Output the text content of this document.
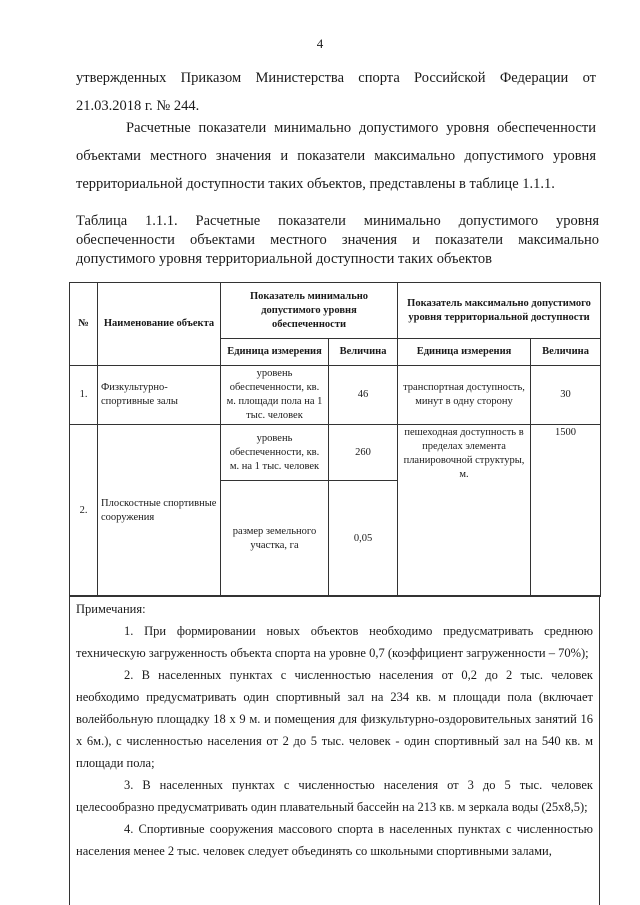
4
утвержденных Приказом Министерства спорта Российской Федерации от 21.03.2018 г. № 244.
Расчетные показатели минимально допустимого уровня обеспеченности объектами местного значения и показатели максимально допустимого уровня территориальной доступности таких объектов, представлены в таблице 1.1.1.
Таблица 1.1.1. Расчетные показатели минимально допустимого уровня обеспеченности объектами местного значения и показатели максимально допустимого уровня территориальной доступности таких объектов
№	Наименование объекта	Показатель минимально допустимого уровня обеспеченности		Показатель максимально допустимого уровня территориальной доступности	
		Единица измерения	Величина	Единица измерения	Величина
1.	Физкультурно-спортивные залы	уровень обеспеченности, кв. м. площади пола на 1 тыс. человек	46	транспортная доступность, минут в одну сторону	30
2.	Плоскостные спортивные сооружения	уровень обеспеченности, кв. м. на 1 тыс. человек	260	пешеходная доступность в пределах элемента планировочной структуры, м.	1500
		размер земельного участка, га	0,05		

Примечания:

1. При формировании новых объектов необходимо предусматривать среднюю техническую загруженность объекта спорта на уровне 0,7 (коэффициент загруженности – 70%);

2. В населенных пунктах с численностью населения от 0,2 до 2 тыс. человек необходимо предусматривать один спортивный зал на 234 кв. м площади пола (включает волейбольную площадку 18 х 9 м. и помещения для физкультурно-оздоровительных занятий 16 х 6м.), с численностью населения от 2 до 5 тыс. человек - один спортивный зал на 540 кв. м площади пола;

3. В населенных пунктах с численностью населения от 3 до 5 тыс. человек целесообразно предусматривать один плавательный бассейн на 213 кв. м зеркала воды (25х8,5);

4. Спортивные сооружения массового спорта в населенных пунктах с численностью населения менее 2 тыс. человек следует объединять со школьными спортивными залами,
